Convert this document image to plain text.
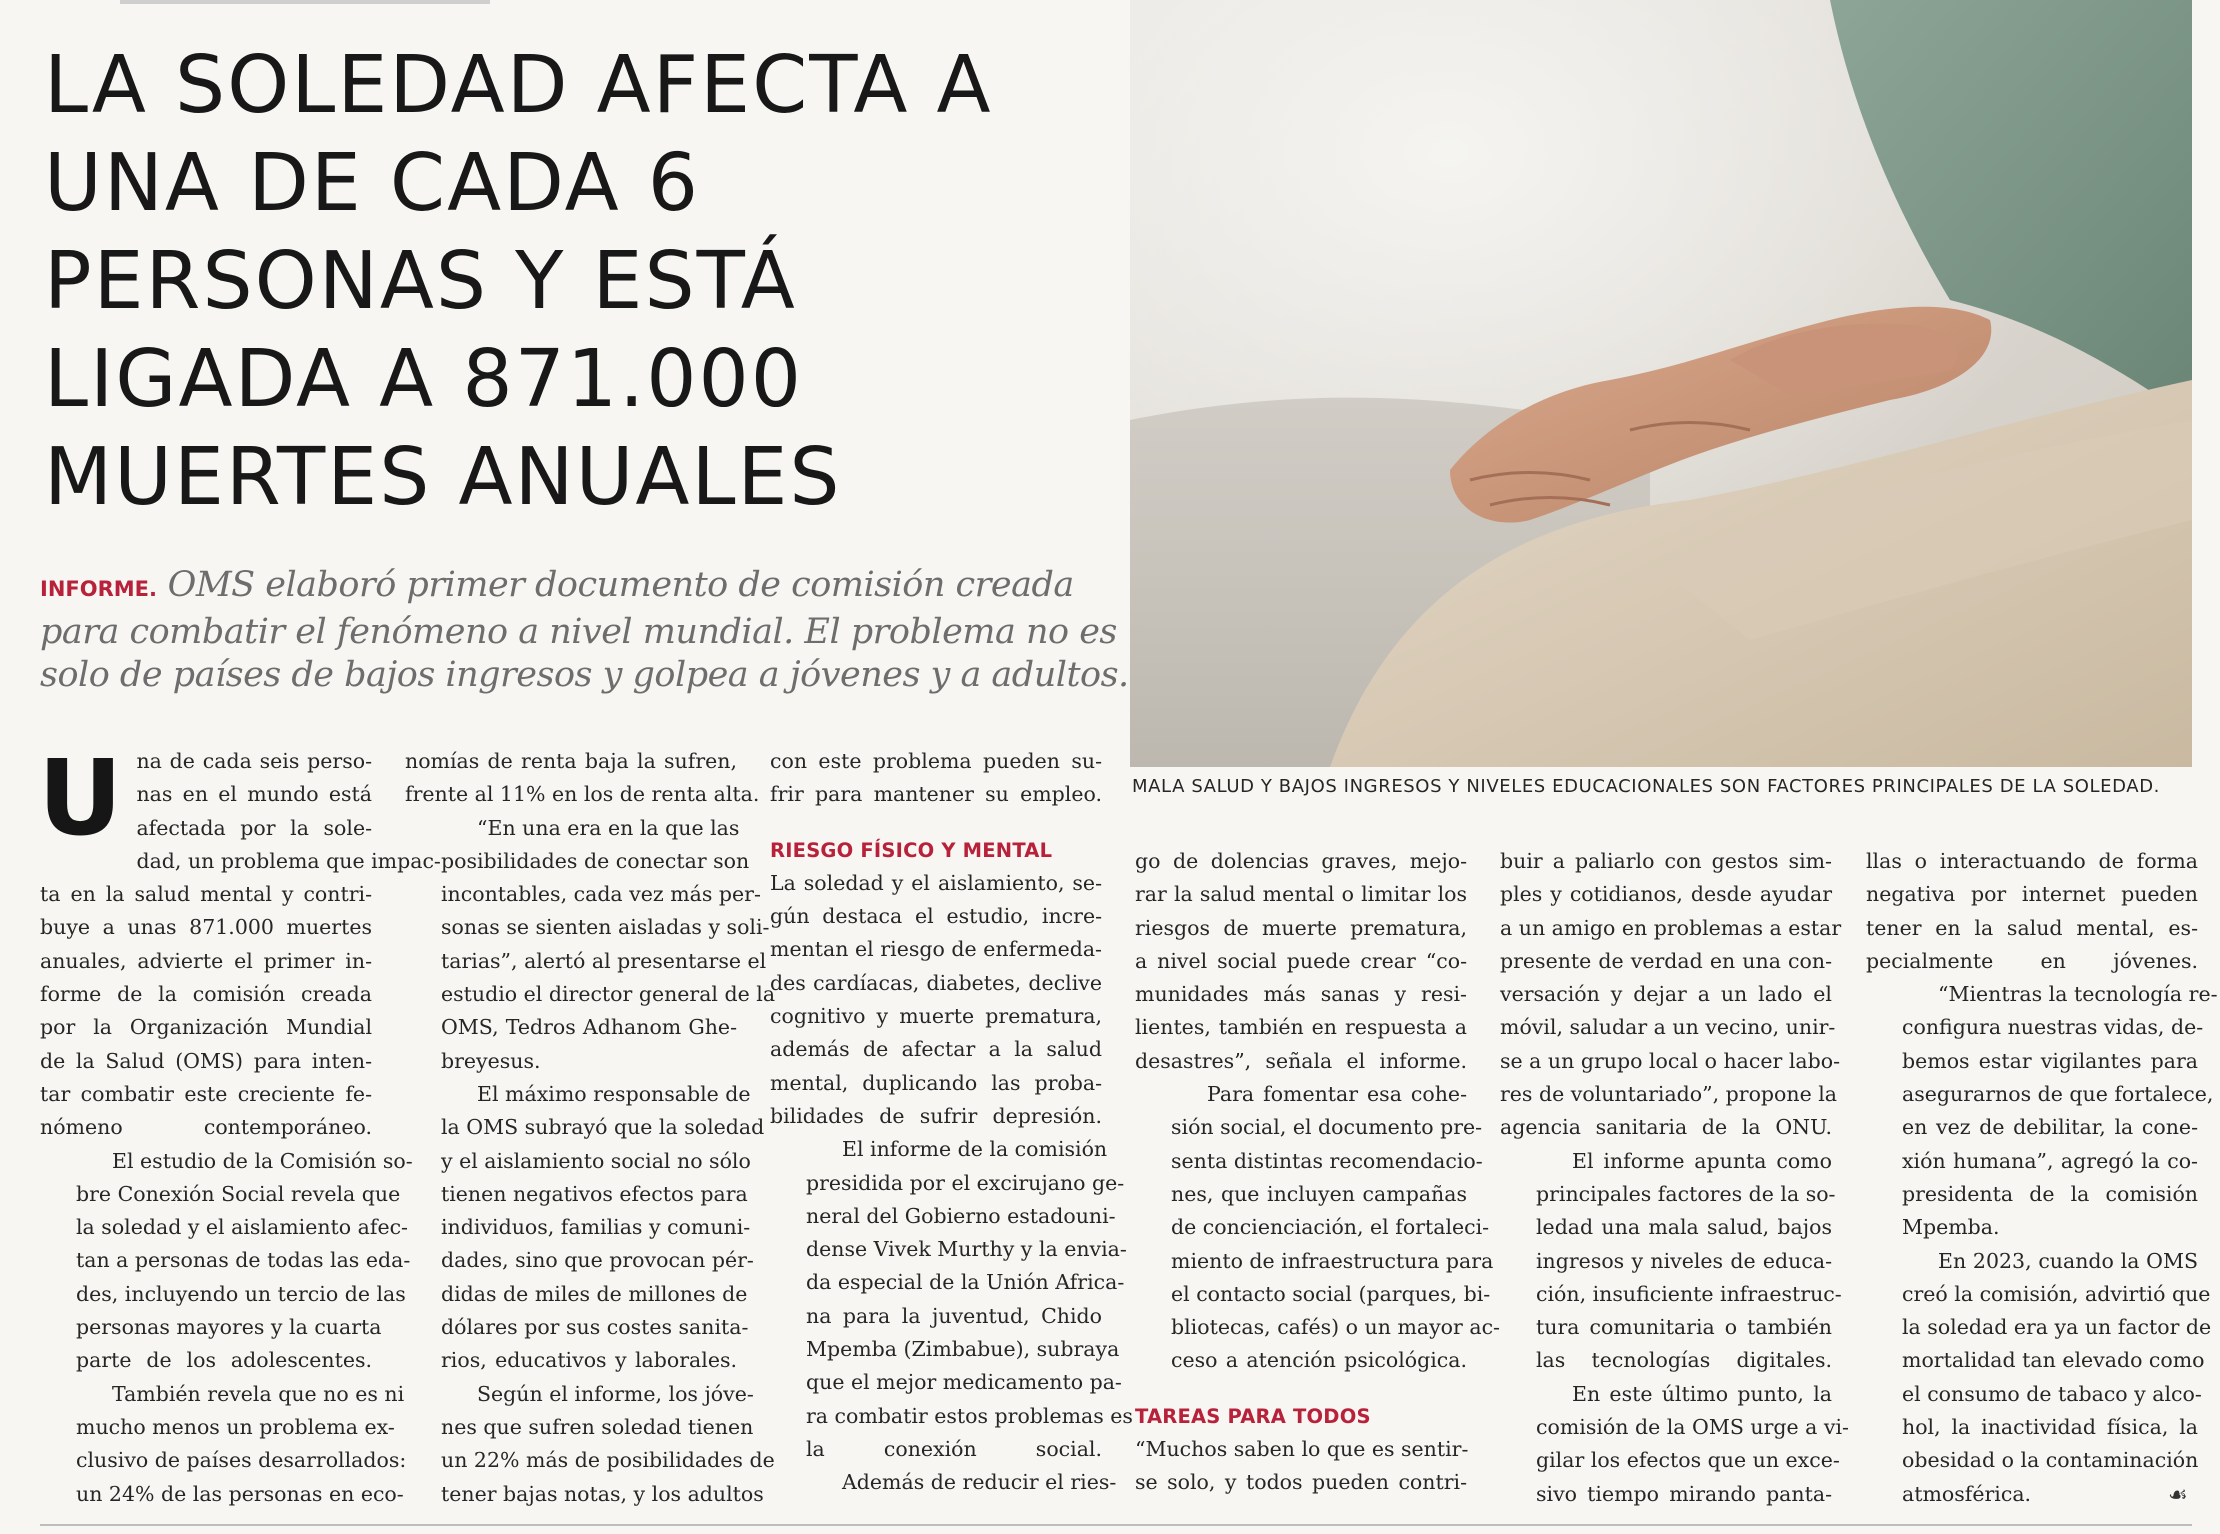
LA SOLEDAD AFECTA A
UNA DE CADA 6
PERSONAS Y ESTÁ
LIGADA A 871.000
MUERTES ANUALES
INFORME. OMS elaboró primer documento de comisión creada
para combatir el fenómeno a nivel mundial. El problema no es
solo de países de bajos ingresos y golpea a jóvenes y a adultos.
MALA SALUD Y BAJOS INGRESOS Y NIVELES EDUCACIONALES SON FACTORES PRINCIPALES DE LA SOLEDAD.
U na de cada seis perso-
nas en el mundo está
afectada por la sole-
dad, un problema que impac-
ta en la salud mental y contri-
buye a unas 871.000 muertes
anuales, advierte el primer in-
forme de la comisión creada
por la Organización Mundial
de la Salud (OMS) para inten-
tar combatir este creciente fe-
nómeno contemporáneo.

El estudio de la Comisión so-
bre Conexión Social revela que
la soledad y el aislamiento afec-
tan a personas de todas las eda-
des, incluyendo un tercio de las
personas mayores y la cuarta
parte de los adolescentes.

También revela que no es ni
mucho menos un problema ex-
clusivo de países desarrollados:
un 24% de las personas en eco-

nomías de renta baja la sufren,
frente al 11% en los de renta alta.

“En una era en la que las
posibilidades de conectar son
incontables, cada vez más per-
sonas se sienten aisladas y soli-
tarias”, alertó al presentarse el
estudio el director general de la
OMS, Tedros Adhanom Ghe-
breyesus.

El máximo responsable de
la OMS subrayó que la soledad
y el aislamiento social no sólo
tienen negativos efectos para
individuos, familias y comuni-
dades, sino que provocan pér-
didas de miles de millones de
dólares por sus costes sanita-
rios, educativos y laborales.

Según el informe, los jóve-
nes que sufren soledad tienen
un 22% más de posibilidades de
tener bajas notas, y los adultos

con este problema pueden su-
frir para mantener su empleo.

RIESGO FÍSICO Y MENTAL

La soledad y el aislamiento, se-
gún destaca el estudio, incre-
mentan el riesgo de enfermeda-
des cardíacas, diabetes, declive
cognitivo y muerte prematura,
además de afectar a la salud
mental, duplicando las proba-
bilidades de sufrir depresión.

El informe de la comisión
presidida por el excirujano ge-
neral del Gobierno estadouni-
dense Vivek Murthy y la envia-
da especial de la Unión Africa-
na para la juventud, Chido
Mpemba (Zimbabue), subraya
que el mejor medicamento pa-
ra combatir estos problemas es
la conexión social.

Además de reducir el ries-

go de dolencias graves, mejo-
rar la salud mental o limitar los
riesgos de muerte prematura,
a nivel social puede crear “co-
munidades más sanas y resi-
lientes, también en respuesta a
desastres”, señala el informe.

Para fomentar esa cohe-
sión social, el documento pre-
senta distintas recomendacio-
nes, que incluyen campañas
de concienciación, el fortaleci-
miento de infraestructura para
el contacto social (parques, bi-
bliotecas, cafés) o un mayor ac-
ceso a atención psicológica.

TAREAS PARA TODOS

“Muchos saben lo que es sentir-
se solo, y todos pueden contri-

buir a paliarlo con gestos sim-
ples y cotidianos, desde ayudar
a un amigo en problemas a estar
presente de verdad en una con-
versación y dejar a un lado el
móvil, saludar a un vecino, unir-
se a un grupo local o hacer labo-
res de voluntariado”, propone la
agencia sanitaria de la ONU.

El informe apunta como
principales factores de la so-
ledad una mala salud, bajos
ingresos y niveles de educa-
ción, insuficiente infraestruc-
tura comunitaria o también
las tecnologías digitales.

En este último punto, la
comisión de la OMS urge a vi-
gilar los efectos que un exce-
sivo tiempo mirando panta-

llas o interactuando de forma
negativa por internet pueden
tener en la salud mental, es-
pecialmente en jóvenes.

“Mientras la tecnología re-
configura nuestras vidas, de-
bemos estar vigilantes para
asegurarnos de que fortalece,
en vez de debilitar, la cone-
xión humana”, agregó la co-
presidenta de la comisión
Mpemba.

En 2023, cuando la OMS
creó la comisión, advirtió que
la soledad era ya un factor de
mortalidad tan elevado como
el consumo de tabaco y alco-
hol, la inactividad física, la
obesidad o la contaminación
atmosférica.	☙
